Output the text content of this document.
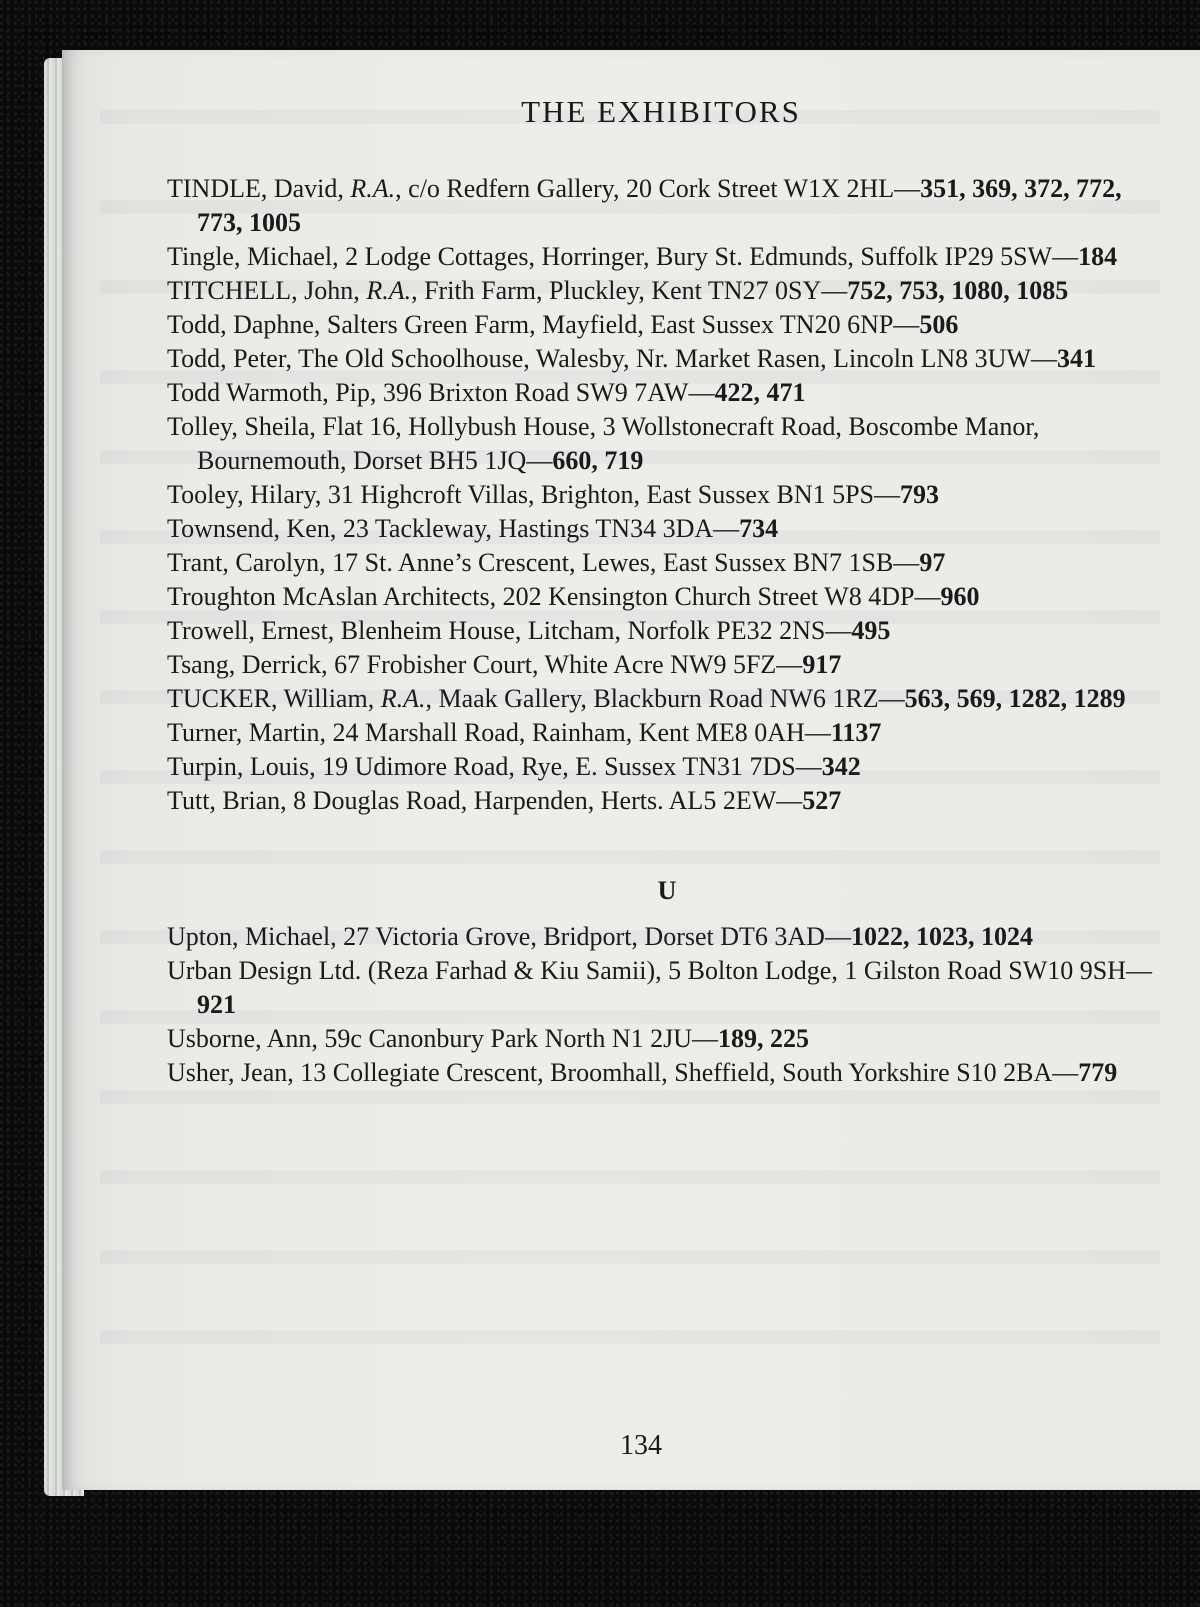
THE EXHIBITORS

TINDLE, David, R.A., c/o Redfern Gallery, 20 Cork Street W1X 2HL—351, 369, 372, 772, 773, 1005

Tingle, Michael, 2 Lodge Cottages, Horringer, Bury St. Edmunds, Suffolk IP29 5SW—184

TITCHELL, John, R.A., Frith Farm, Pluckley, Kent TN27 0SY—752, 753, 1080, 1085

Todd, Daphne, Salters Green Farm, Mayfield, East Sussex TN20 6NP—506

Todd, Peter, The Old Schoolhouse, Walesby, Nr. Market Rasen, Lincoln LN8 3UW—341

Todd Warmoth, Pip, 396 Brixton Road SW9 7AW—422, 471

Tolley, Sheila, Flat 16, Hollybush House, 3 Wollstonecraft Road, Boscombe Manor, Bournemouth, Dorset BH5 1JQ—660, 719

Tooley, Hilary, 31 Highcroft Villas, Brighton, East Sussex BN1 5PS—793

Townsend, Ken, 23 Tackleway, Hastings TN34 3DA—734

Trant, Carolyn, 17 St. Anne’s Crescent, Lewes, East Sussex BN7 1SB—97

Troughton McAslan Architects, 202 Kensington Church Street W8 4DP—960

Trowell, Ernest, Blenheim House, Litcham, Norfolk PE32 2NS—495

Tsang, Derrick, 67 Frobisher Court, White Acre NW9 5FZ—917

TUCKER, William, R.A., Maak Gallery, Blackburn Road NW6 1RZ—563, 569, 1282, 1289

Turner, Martin, 24 Marshall Road, Rainham, Kent ME8 0AH—1137

Turpin, Louis, 19 Udimore Road, Rye, E. Sussex TN31 7DS—342

Tutt, Brian, 8 Douglas Road, Harpenden, Herts. AL5 2EW—527

U

Upton, Michael, 27 Victoria Grove, Bridport, Dorset DT6 3AD—1022, 1023, 1024

Urban Design Ltd. (Reza Farhad & Kiu Samii), 5 Bolton Lodge, 1 Gilston Road SW10 9SH—921

Usborne, Ann, 59c Canonbury Park North N1 2JU—189, 225

Usher, Jean, 13 Collegiate Crescent, Broomhall, Sheffield, South Yorkshire S10 2BA—779

134
